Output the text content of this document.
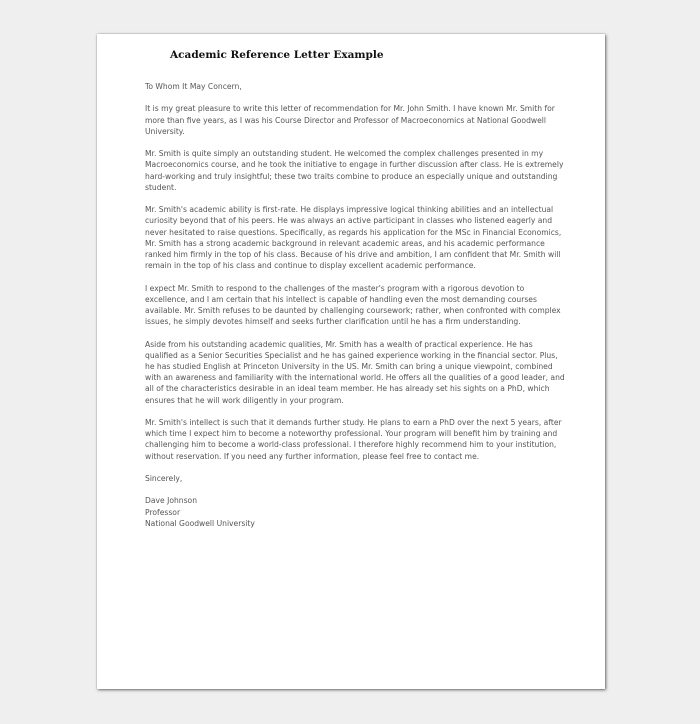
Academic Reference Letter Example

To Whom It May Concern,

It is my great pleasure to write this letter of recommendation for Mr. John Smith. I have known Mr. Smith for more than five years, as I was his Course Director and Professor of Macroeconomics at National Goodwell University.

Mr. Smith is quite simply an outstanding student. He welcomed the complex challenges presented in my Macroeconomics course, and he took the initiative to engage in further discussion after class. He is extremely hard-working and truly insightful; these two traits combine to produce an especially unique and outstanding student.

Mr. Smith's academic ability is first-rate. He displays impressive logical thinking abilities and an intellectual curiosity beyond that of his peers. He was always an active participant in classes who listened eagerly and never hesitated to raise questions. Specifically, as regards his application for the MSc in Financial Economics, Mr. Smith has a strong academic background in relevant academic areas, and his academic performance ranked him firmly in the top of his class. Because of his drive and ambition, I am confident that Mr. Smith will remain in the top of his class and continue to display excellent academic performance.

I expect Mr. Smith to respond to the challenges of the master's program with a rigorous devotion to excellence, and I am certain that his intellect is capable of handling even the most demanding courses available. Mr. Smith refuses to be daunted by challenging coursework; rather, when confronted with complex issues, he simply devotes himself and seeks further clarification until he has a firm understanding.

Aside from his outstanding academic qualities, Mr. Smith has a wealth of practical experience. He has qualified as a Senior Securities Specialist and he has gained experience working in the financial sector. Plus, he has studied English at Princeton University in the US. Mr. Smith can bring a unique viewpoint, combined with an awareness and familiarity with the international world. He offers all the qualities of a good leader, and all of the characteristics desirable in an ideal team member. He has already set his sights on a PhD, which ensures that he will work diligently in your program.

Mr. Smith's intellect is such that it demands further study. He plans to earn a PhD over the next 5 years, after which time I expect him to become a noteworthy professional. Your program will benefit him by training and challenging him to become a world-class professional. I therefore highly recommend him to your institution, without reservation. If you need any further information, please feel free to contact me.

Sincerely,

Dave Johnson

Professor

National Goodwell University
